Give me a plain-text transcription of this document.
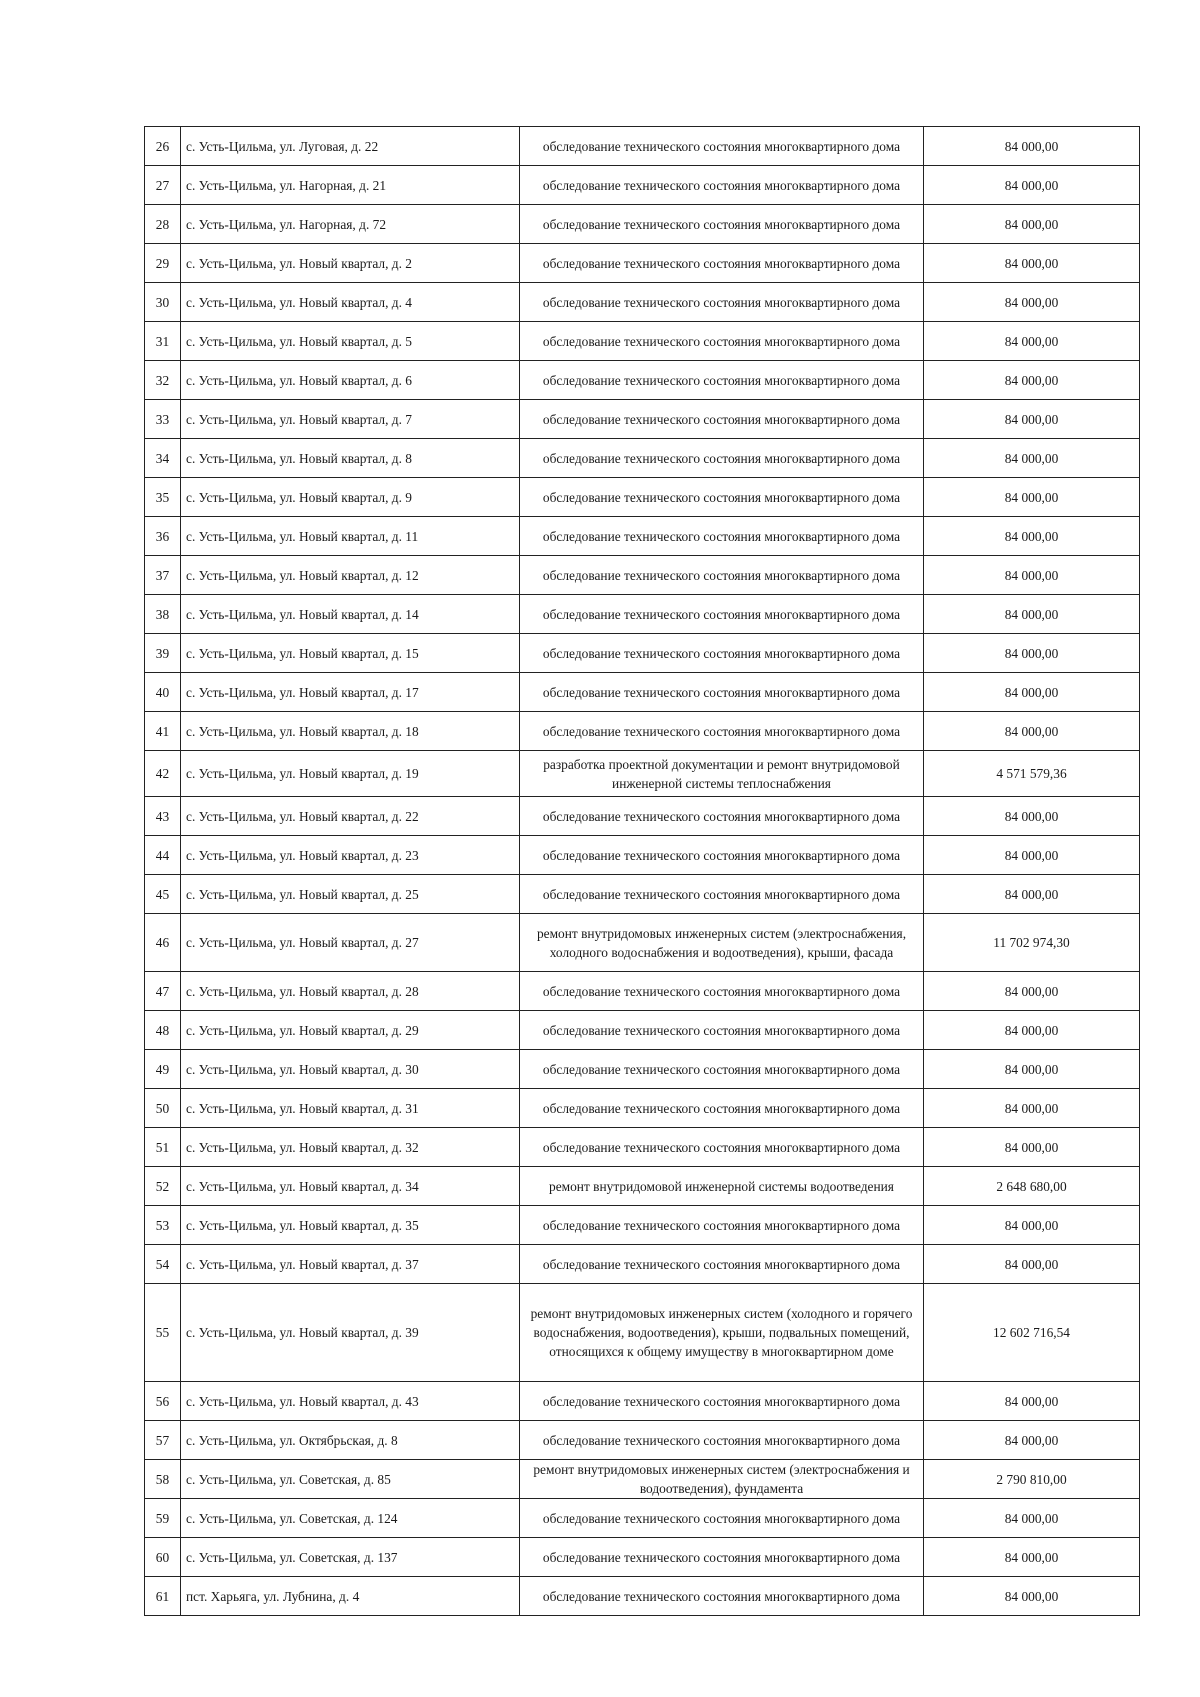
26	с. Усть-Цильма, ул. Луговая, д. 22	обследование технического состояния многоквартирного дома	84 000,00
27	с. Усть-Цильма, ул. Нагорная, д. 21	обследование технического состояния многоквартирного дома	84 000,00
28	с. Усть-Цильма, ул. Нагорная, д. 72	обследование технического состояния многоквартирного дома	84 000,00
29	с. Усть-Цильма, ул. Новый квартал, д. 2	обследование технического состояния многоквартирного дома	84 000,00
30	с. Усть-Цильма, ул. Новый квартал, д. 4	обследование технического состояния многоквартирного дома	84 000,00
31	с. Усть-Цильма, ул. Новый квартал, д. 5	обследование технического состояния многоквартирного дома	84 000,00
32	с. Усть-Цильма, ул. Новый квартал, д. 6	обследование технического состояния многоквартирного дома	84 000,00
33	с. Усть-Цильма, ул. Новый квартал, д. 7	обследование технического состояния многоквартирного дома	84 000,00
34	с. Усть-Цильма, ул. Новый квартал, д. 8	обследование технического состояния многоквартирного дома	84 000,00
35	с. Усть-Цильма, ул. Новый квартал, д. 9	обследование технического состояния многоквартирного дома	84 000,00
36	с. Усть-Цильма, ул. Новый квартал, д. 11	обследование технического состояния многоквартирного дома	84 000,00
37	с. Усть-Цильма, ул. Новый квартал, д. 12	обследование технического состояния многоквартирного дома	84 000,00
38	с. Усть-Цильма, ул. Новый квартал, д. 14	обследование технического состояния многоквартирного дома	84 000,00
39	с. Усть-Цильма, ул. Новый квартал, д. 15	обследование технического состояния многоквартирного дома	84 000,00
40	с. Усть-Цильма, ул. Новый квартал, д. 17	обследование технического состояния многоквартирного дома	84 000,00
41	с. Усть-Цильма, ул. Новый квартал, д. 18	обследование технического состояния многоквартирного дома	84 000,00
42	с. Усть-Цильма, ул. Новый квартал, д. 19	разработка проектной документации и ремонт внутридомовой инженерной системы теплоснабжения	4 571 579,36
43	с. Усть-Цильма, ул. Новый квартал, д. 22	обследование технического состояния многоквартирного дома	84 000,00
44	с. Усть-Цильма, ул. Новый квартал, д. 23	обследование технического состояния многоквартирного дома	84 000,00
45	с. Усть-Цильма, ул. Новый квартал, д. 25	обследование технического состояния многоквартирного дома	84 000,00
46	с. Усть-Цильма, ул. Новый квартал, д. 27	ремонт внутридомовых инженерных систем (электроснабжения, холодного водоснабжения и водоотведения), крыши, фасада	11 702 974,30
47	с. Усть-Цильма, ул. Новый квартал, д. 28	обследование технического состояния многоквартирного дома	84 000,00
48	с. Усть-Цильма, ул. Новый квартал, д. 29	обследование технического состояния многоквартирного дома	84 000,00
49	с. Усть-Цильма, ул. Новый квартал, д. 30	обследование технического состояния многоквартирного дома	84 000,00
50	с. Усть-Цильма, ул. Новый квартал, д. 31	обследование технического состояния многоквартирного дома	84 000,00
51	с. Усть-Цильма, ул. Новый квартал, д. 32	обследование технического состояния многоквартирного дома	84 000,00
52	с. Усть-Цильма, ул. Новый квартал, д. 34	ремонт внутридомовой инженерной системы водоотведения	2 648 680,00
53	с. Усть-Цильма, ул. Новый квартал, д. 35	обследование технического состояния многоквартирного дома	84 000,00
54	с. Усть-Цильма, ул. Новый квартал, д. 37	обследование технического состояния многоквартирного дома	84 000,00
55	с. Усть-Цильма, ул. Новый квартал, д. 39	ремонт внутридомовых инженерных систем (холодного и горячего водоснабжения, водоотведения), крыши, подвальных помещений, относящихся к общему имуществу в многоквартирном доме	12 602 716,54
56	с. Усть-Цильма, ул. Новый квартал, д. 43	обследование технического состояния многоквартирного дома	84 000,00
57	с. Усть-Цильма, ул. Октябрьская, д. 8	обследование технического состояния многоквартирного дома	84 000,00
58	с. Усть-Цильма, ул. Советская, д. 85	ремонт внутридомовых инженерных систем (электроснабжения и водоотведения), фундамента	2 790 810,00
59	с. Усть-Цильма, ул. Советская, д. 124	обследование технического состояния многоквартирного дома	84 000,00
60	с. Усть-Цильма, ул. Советская, д. 137	обследование технического состояния многоквартирного дома	84 000,00
61	пст. Харьяга, ул. Лубнина, д. 4	обследование технического состояния многоквартирного дома	84 000,00
